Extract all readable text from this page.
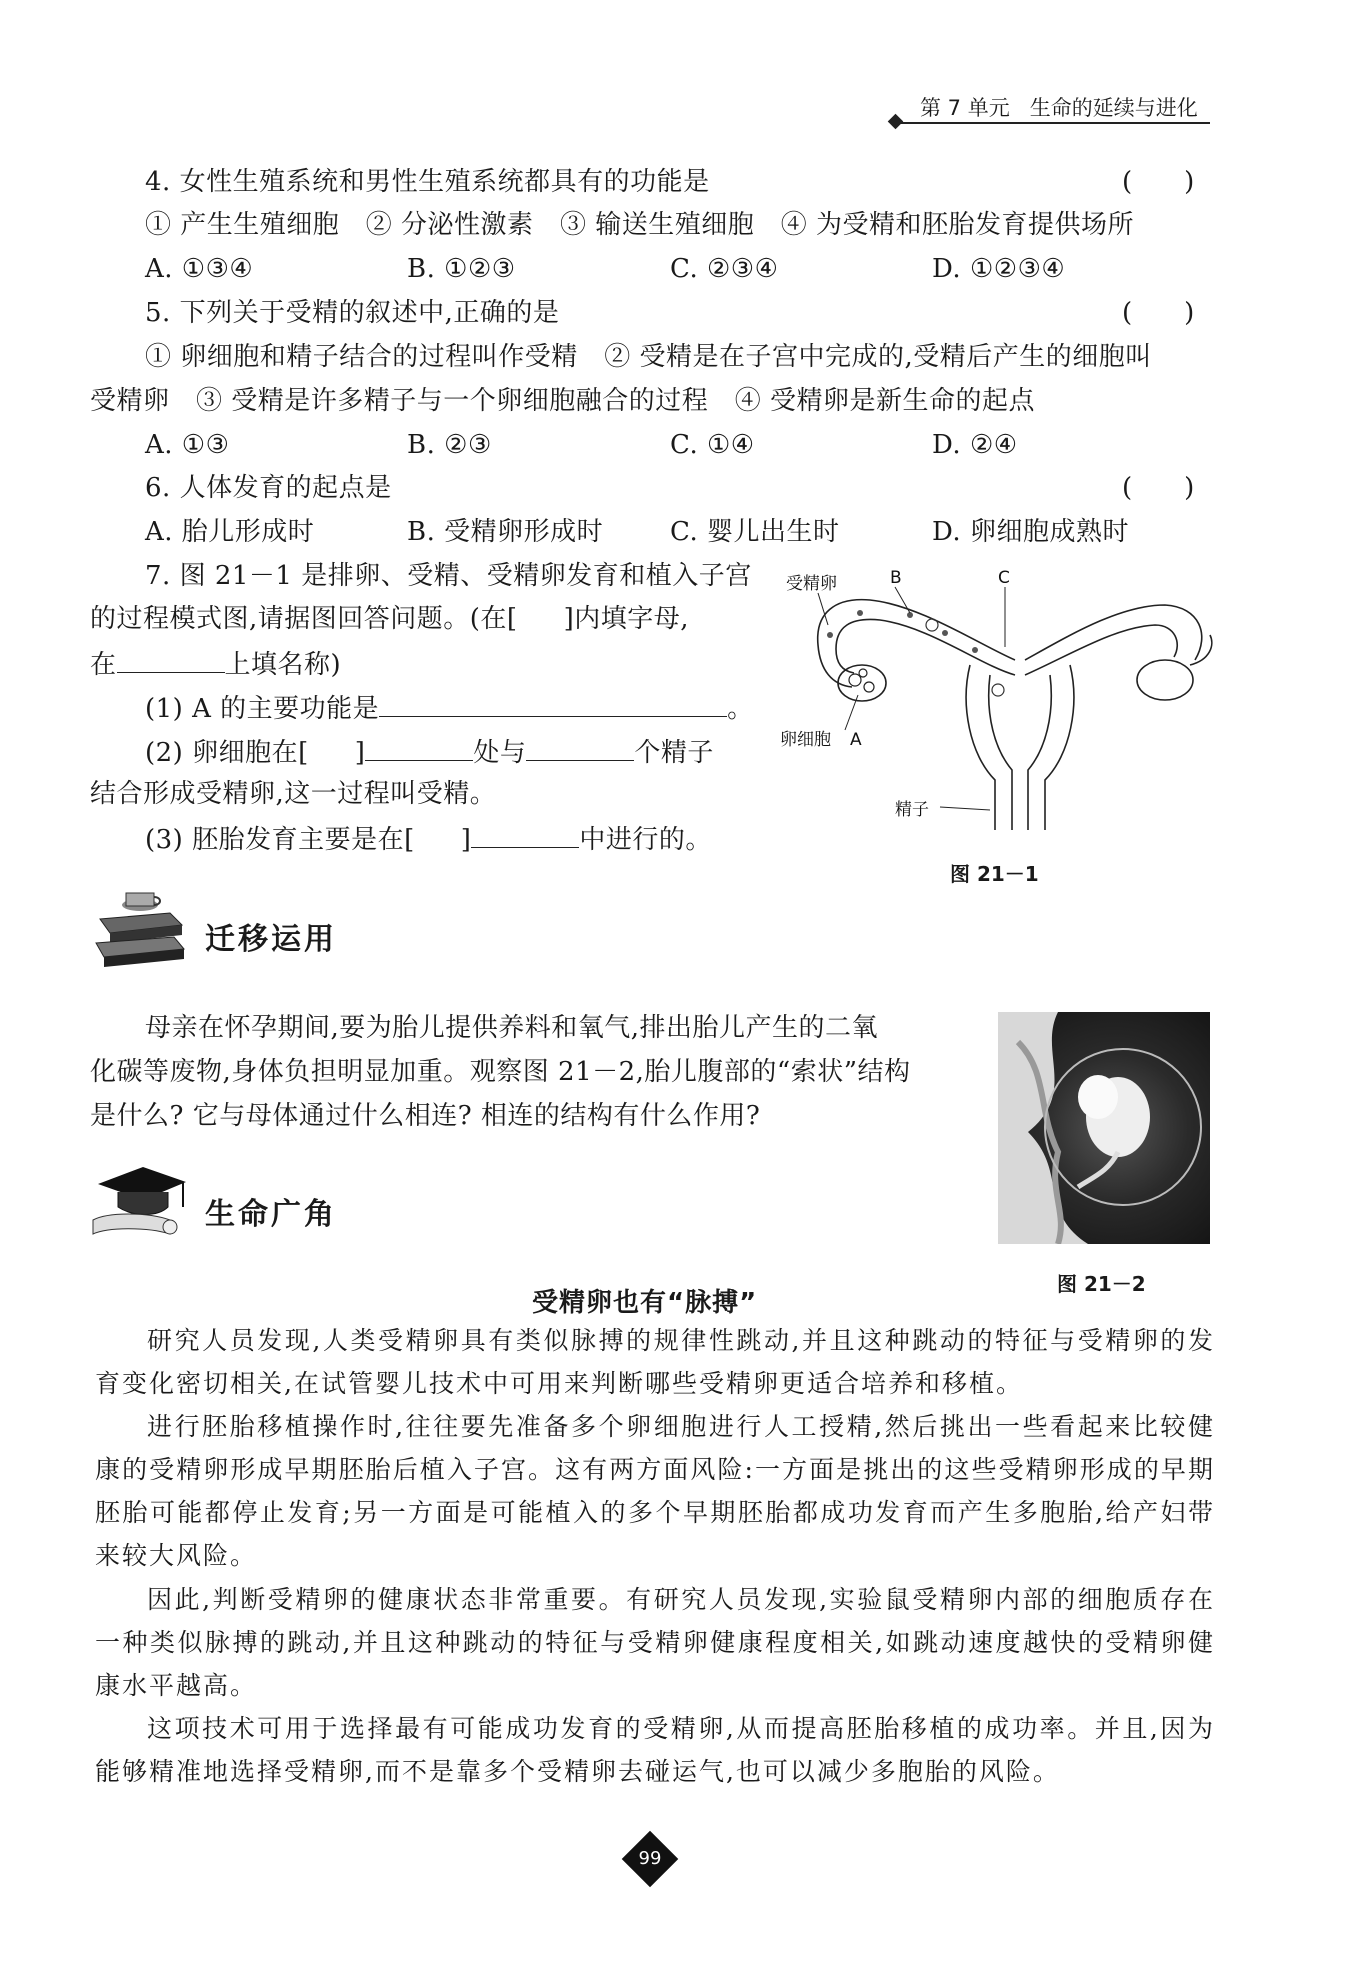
第 7 单元 生命的延续与进化
4. 女性生殖系统和男性生殖系统都具有的功能是	(　　)
① 产生生殖细胞　② 分泌性激素　③ 输送生殖细胞　④ 为受精和胚胎发育提供场所
A. ①③④	B. ①②③	C. ②③④	D. ①②③④
5. 下列关于受精的叙述中,正确的是	(　　)
① 卵细胞和精子结合的过程叫作受精　② 受精是在子宫中完成的,受精后产生的细胞叫
受精卵　③ 受精是许多精子与一个卵细胞融合的过程　④ 受精卵是新生命的起点
A. ①③	B. ②③	C. ①④	D. ②④
6. 人体发育的起点是	(　　)
A. 胎儿形成时	B. 受精卵形成时	C. 婴儿出生时	D. 卵细胞成熟时
7. 图 21－1 是排卵、受精、受精卵发育和植入子宫
的过程模式图,请据图回答问题。(在[ ]内填字母,
在	上填名称)
(1) A 的主要功能是	。
(2) 卵细胞在[ ]	处与	个精子
结合形成受精卵,这一过程叫受精。
(3) 胚胎发育主要是在[ ]	中进行的。
受精卵	B	C
卵细胞 A
精子
图 21－1
迁移运用
母亲在怀孕期间,要为胎儿提供养料和氧气,排出胎儿产生的二氧
化碳等废物,身体负担明显加重。观察图 21－2,胎儿腹部的“索状”结构
是什么? 它与母体通过什么相连? 相连的结构有什么作用?
图 21－2
生命广角
受精卵也有“脉搏”
研究人员发现,人类受精卵具有类似脉搏的规律性跳动,并且这种跳动的特征与受精卵的发育变化密切相关,在试管婴儿技术中可用来判断哪些受精卵更适合培养和移植。
进行胚胎移植操作时,往往要先准备多个卵细胞进行人工授精,然后挑出一些看起来比较健康的受精卵形成早期胚胎后植入子宫。这有两方面风险:一方面是挑出的这些受精卵形成的早期胚胎可能都停止发育;另一方面是可能植入的多个早期胚胎都成功发育而产生多胞胎,给产妇带来较大风险。
因此,判断受精卵的健康状态非常重要。有研究人员发现,实验鼠受精卵内部的细胞质存在一种类似脉搏的跳动,并且这种跳动的特征与受精卵健康程度相关,如跳动速度越快的受精卵健康水平越高。
这项技术可用于选择最有可能成功发育的受精卵,从而提高胚胎移植的成功率。并且,因为能够精准地选择受精卵,而不是靠多个受精卵去碰运气,也可以减少多胞胎的风险。
99
